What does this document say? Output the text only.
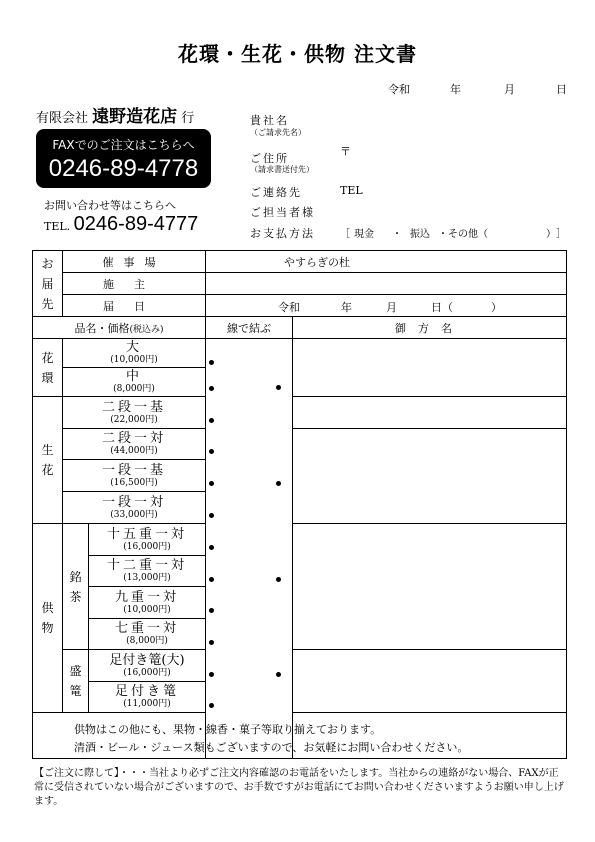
花環・生花・供物 注文書
令和	年	月	日
有限会社 遠野造花店 行
FAXでのご注文はこちらへ
0246-89-4778
お問い合わせ等はこちらへ
TEL. 0246-89-4777
貴社名
（ご請求先名）
ご住所
（請求書送付先）
〒
ご連絡先	TEL
ご担当者様
お支払方法	［ 現金 ・ 振込 ・その他（	） ］
お届先	催事場		やすらぎの杜	
	施主			
	届日		令和 年 月 日（ ）	

品名・価格(税込み)			線で結ぶ	御方名
花環	大
(10,000円)			

	中
(8,000円)			

生花	二段一基
(22,000円)			

	二段一対
(44,000円)			

	一段一基
(16,500円)			

	一段一対
(33,000円)			

供物	銘茶	十五重一対
(16,000円)		

		十二重一対
(13,000円)		

		九重一対
(10,000円)		

		七重一対
(8,000円)		

	盛篭	足付き篭(大)
(16,000円)		

		足付き篭
(11,000円)		

供物はこの他にも、果物・線香・菓子等取り揃えております。
清酒・ビール・ジュース類もございますので、お気軽にお問い合わせください。
【ご注文に際して】・・・当社より必ずご注文内容確認のお電話をいたします。当社からの連絡がない場合、FAXが正常に受信されていない場合がございますので、お手数ですがお電話にてお問い合わせくださいますようお願い申し上げます。
